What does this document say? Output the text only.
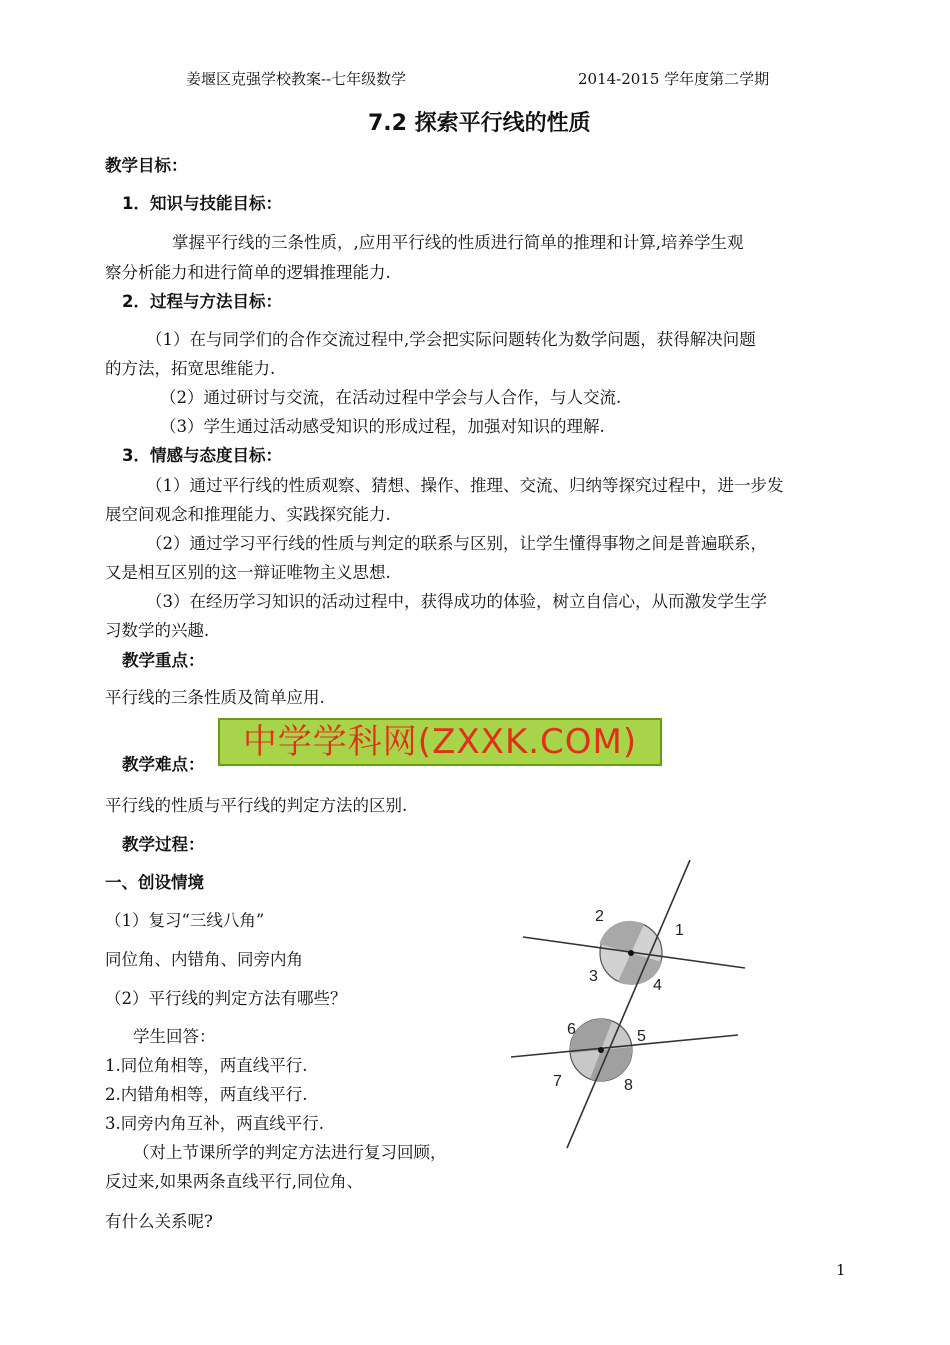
姜堰区克强学校教案--七年级数学	2014-2015 学年度第二学期
7.2 探索平行线的性质
教学目标：
1．知识与技能目标：
掌握平行线的三条性质，,应用平行线的性质进行简单的推理和计算,培养学生观
察分析能力和进行简单的逻辑推理能力.
2．过程与方法目标：
（1）在与同学们的合作交流过程中,学会把实际问题转化为数学问题，获得解决问题
的方法，拓宽思维能力.
（2）通过研讨与交流，在活动过程中学会与人合作，与人交流.
（3）学生通过活动感受知识的形成过程，加强对知识的理解.
3．情感与态度目标：
（1）通过平行线的性质观察、猜想、操作、推理、交流、归纳等探究过程中，进一步发
展空间观念和推理能力、实践探究能力.
（2）通过学习平行线的性质与判定的联系与区别，让学生懂得事物之间是普遍联系，
又是相互区别的这一辩证唯物主义思想.
（3）在经历学习知识的活动过程中，获得成功的体验，树立自信心，从而激发学生学
习数学的兴趣.
教学重点：
平行线的三条性质及简单应用.
教学难点：
中学学科网(ZXXK.COM)
平行线的性质与平行线的判定方法的区别.
教学过程：
一、创设情境
（1）复习“三线八角”
同位角、内错角、同旁内角
（2）平行线的判定方法有哪些？
学生回答：
1.同位角相等，两直线平行.
2.内错角相等，两直线平行.
3.同旁内角互补，两直线平行.
（对上节课所学的判定方法进行复习回顾，
反过来,如果两条直线平行,同位角、
有什么关系呢?
1
2
3
4
5
6
7	8
1
